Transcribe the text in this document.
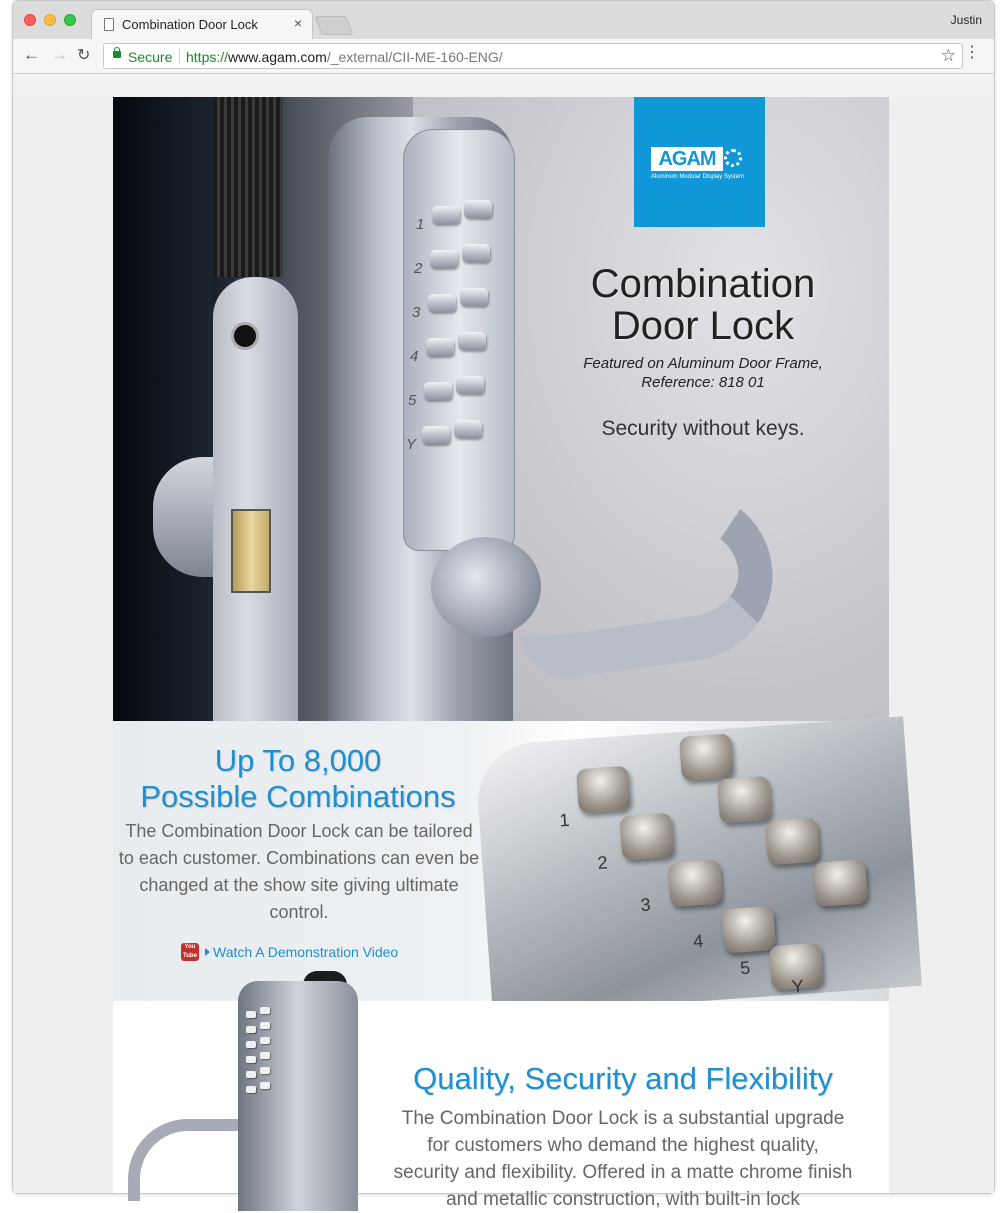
Combination Door Lock	×	Justin
← → ↻	Secure https://www.agam.com/_external/CII-ME-160-ENG/	☆ ⋮
1
2
3
4
5
Y
AGAM
Aluminum Modular Display System
Combination
Door Lock
Featured on Aluminum Door Frame,
Reference: 818 01
Security without keys.
1
2
3
4
5
Y
Up To 8,000
Possible Combinations
The Combination Door Lock can be tailored to each customer. Combinations can even be changed at the show site giving ultimate control.
You Tube Watch A Demonstration Video
Quality, Security and Flexibility
The Combination Door Lock is a substantial upgrade for customers who demand the highest quality, security and flexibility. Offered in a matte chrome finish and metallic construction, with built-in lock
